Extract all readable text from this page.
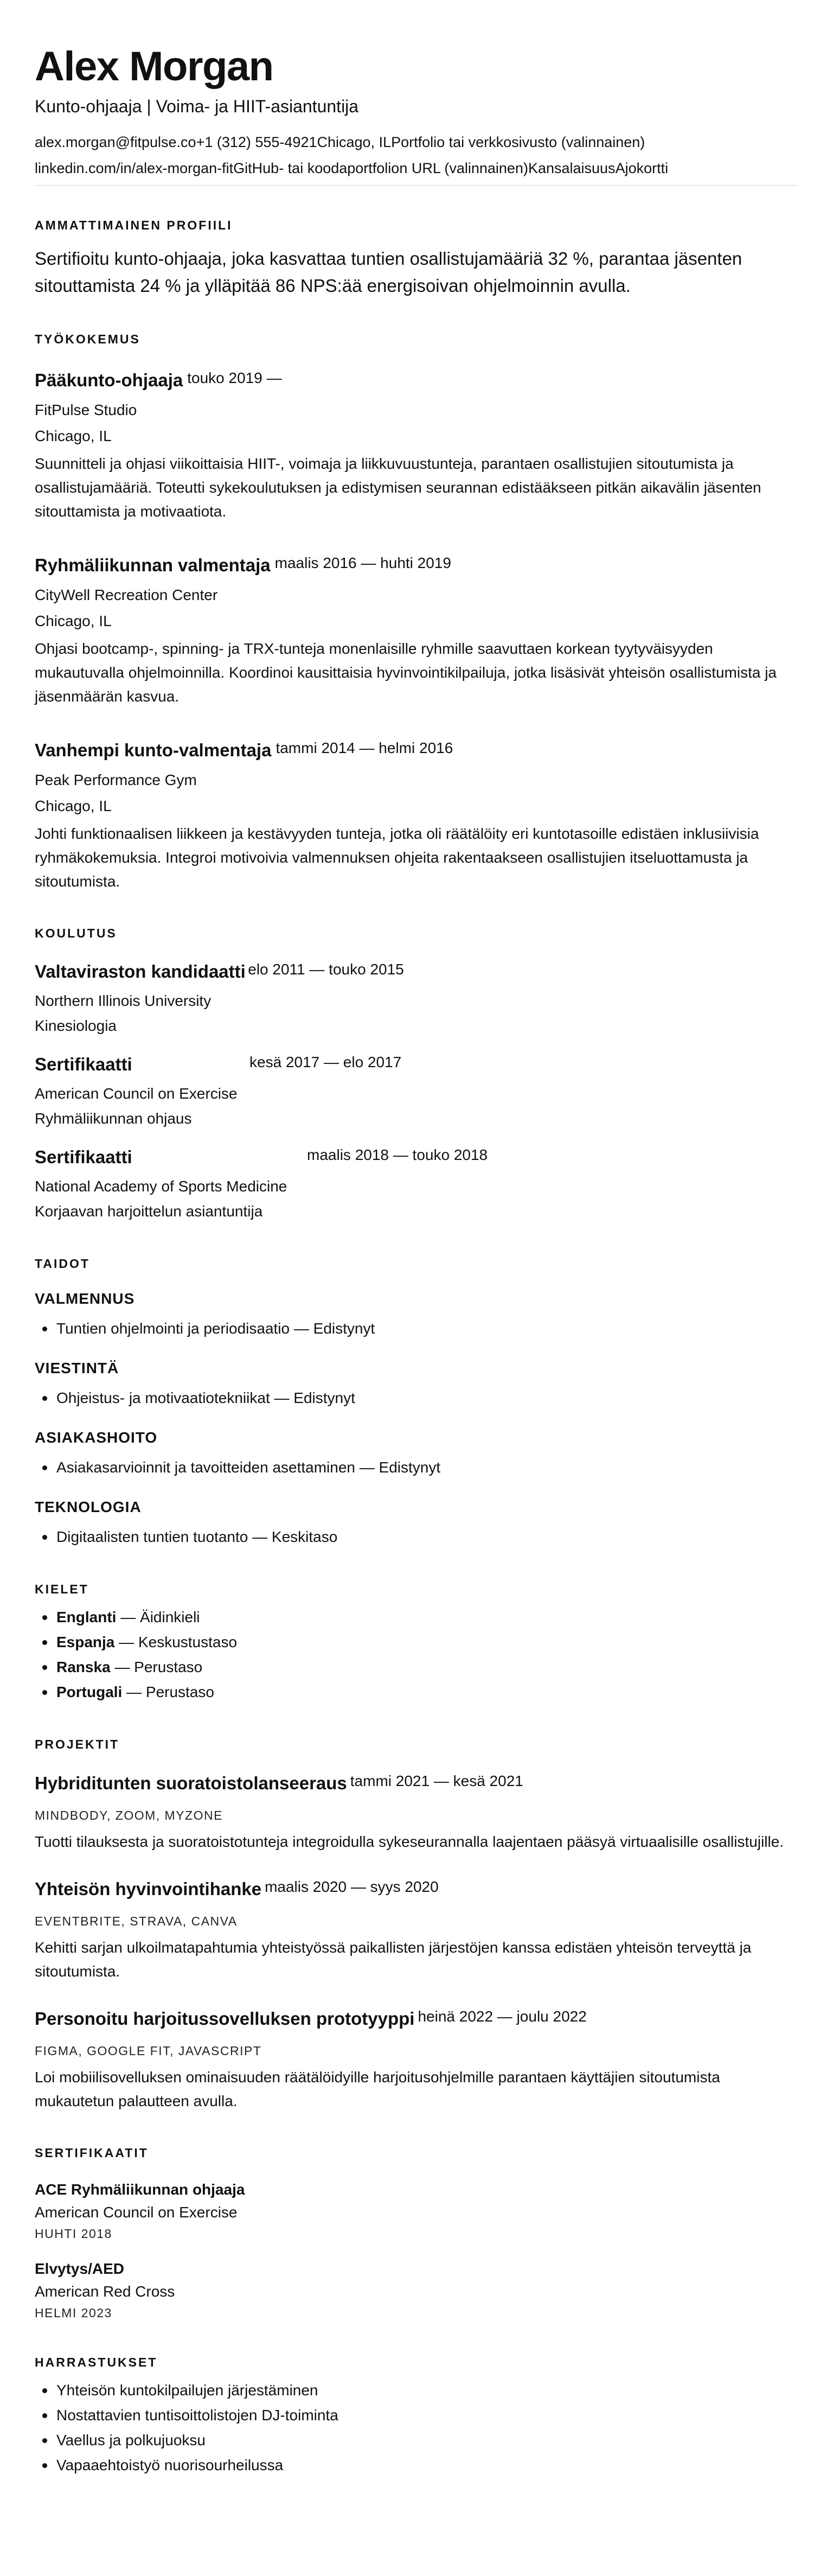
Alex Morgan
Kunto-ohjaaja | Voima- ja HIIT-asiantuntija
alex.morgan@fitpulse.co+1 (312) 555-4921Chicago, ILPortfolio tai verkkosivusto (valinnainen)
linkedin.com/in/alex-morgan-fitGitHub- tai koodaportfolion URL (valinnainen)KansalaisuusAjokortti
AMMATTIMAINEN PROFIILI

Sertifioitu kunto-ohjaaja, joka kasvattaa tuntien osallistujamääriä 32 %, parantaa jäsenten sitouttamista 24 % ja ylläpitää 86 NPS:ää energisoivan ohjelmoinnin avulla.

TYÖKOKEMUS
Pääkunto-ohjaaja touko 2019 —
FitPulse Studio
Chicago, IL

Suunnitteli ja ohjasi viikoittaisia HIIT-, voimaja ja liikkuvuustunteja, parantaen osallistujien sitoutumista ja osallistujamääriä. Toteutti sykekoulutuksen ja edistymisen seurannan edistääkseen pitkän aikavälin jäsenten sitouttamista ja motivaatiota.

Ryhmäliikunnan valmentaja maalis 2016 — huhti 2019
CityWell Recreation Center
Chicago, IL

Ohjasi bootcamp-, spinning- ja TRX-tunteja monenlaisille ryhmille saavuttaen korkean tyytyväisyyden mukautuvalla ohjelmoinnilla. Koordinoi kausittaisia hyvinvointikilpailuja, jotka lisäsivät yhteisön osallistumista ja jäsenmäärän kasvua.

Vanhempi kunto-valmentaja tammi 2014 — helmi 2016
Peak Performance Gym
Chicago, IL

Johti funktionaalisen liikkeen ja kestävyyden tunteja, jotka oli räätälöity eri kuntotasoille edistäen inklusiivisia ryhmäkokemuksia. Integroi motivoivia valmennuksen ohjeita rakentaakseen osallistujien itseluottamusta ja sitoutumista.

KOULUTUS
Valtaviraston kandidaatti elo 2011 — touko 2015
Northern Illinois University
Kinesiologia
Sertifikaatti	kesä 2017 — elo 2017
American Council on Exercise
Ryhmäliikunnan ohjaus
Sertifikaatti	maalis 2018 — touko 2018
National Academy of Sports Medicine
Korjaavan harjoittelun asiantuntija
TAIDOT
VALMENNUS
Tuntien ohjelmointi ja periodisaatio — Edistynyt
VIESTINTÄ
Ohjeistus- ja motivaatiotekniikat — Edistynyt
ASIAKASHOITO
Asiakasarvioinnit ja tavoitteiden asettaminen — Edistynyt
TEKNOLOGIA
Digitaalisten tuntien tuotanto — Keskitaso
KIELET
Englanti — Äidinkieli
Espanja — Keskustustaso
Ranska — Perustaso
Portugali — Perustaso
PROJEKTIT
Hybriditunten suoratoistolanseeraus tammi 2021 — kesä 2021
MINDBODY, ZOOM, MYZONE

Tuotti tilauksesta ja suoratoistotunteja integroidulla sykeseurannalla laajentaen pääsyä virtuaalisille osallistujille.

Yhteisön hyvinvointihanke maalis 2020 — syys 2020
EVENTBRITE, STRAVA, CANVA

Kehitti sarjan ulkoilmatapahtumia yhteistyössä paikallisten järjestöjen kanssa edistäen yhteisön terveyttä ja sitoutumista.

Personoitu harjoitussovelluksen prototyyppi heinä 2022 — joulu 2022
FIGMA, GOOGLE FIT, JAVASCRIPT

Loi mobiilisovelluksen ominaisuuden räätälöidyille harjoitusohjelmille parantaen käyttäjien sitoutumista mukautetun palautteen avulla.

SERTIFIKAATIT
ACE Ryhmäliikunnan ohjaaja
American Council on Exercise
HUHTI 2018
Elvytys/AED
American Red Cross
HELMI 2023
HARRASTUKSET
Yhteisön kuntokilpailujen järjestäminen
Nostattavien tuntisoittolistojen DJ-toiminta
Vaellus ja polkujuoksu
Vapaaehtoistyö nuorisourheilussa
